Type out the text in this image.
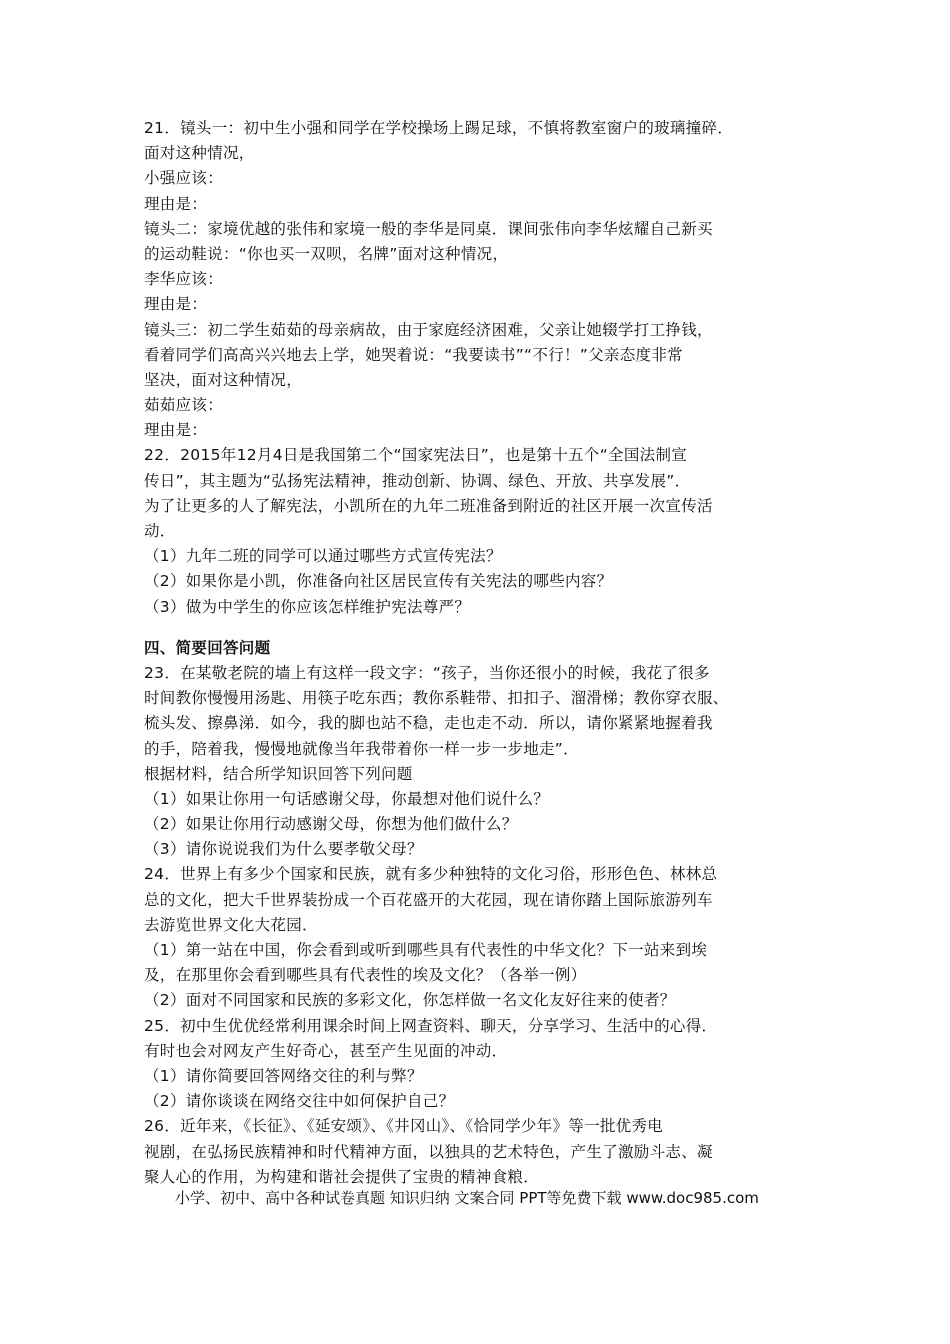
21．镜头一：初中生小强和同学在学校操场上踢足球，不慎将教室窗户的玻璃撞碎．
面对这种情况，
小强应该：
理由是：
镜头二：家境优越的张伟和家境一般的李华是同桌．课间张伟向李华炫耀自己新买
的运动鞋说：“你也买一双呗，名牌”面对这种情况，
李华应该：
理由是：
镜头三：初二学生茹茹的母亲病故，由于家庭经济困难，父亲让她辍学打工挣钱，
看着同学们高高兴兴地去上学，她哭着说：“我要读书”“不行！”父亲态度非常
坚决，面对这种情况，
茹茹应该：
理由是：
22．2015年12月4日是我国第二个“国家宪法日”，也是第十五个“全国法制宣
传日”，其主题为“弘扬宪法精神，推动创新、协调、绿色、开放、共享发展”．
为了让更多的人了解宪法，小凯所在的九年二班准备到附近的社区开展一次宣传活
动．
（1）九年二班的同学可以通过哪些方式宣传宪法？
（2）如果你是小凯，你准备向社区居民宣传有关宪法的哪些内容？
（3）做为中学生的你应该怎样维护宪法尊严？
四、简要回答问题
23．在某敬老院的墙上有这样一段文字：“孩子，当你还很小的时候，我花了很多
时间教你慢慢用汤匙、用筷子吃东西；教你系鞋带、扣扣子、溜滑梯；教你穿衣服、
梳头发、擦鼻涕．如今，我的脚也站不稳，走也走不动．所以，请你紧紧地握着我
的手，陪着我，慢慢地就像当年我带着你一样一步一步地走”．
根据材料，结合所学知识回答下列问题
（1）如果让你用一句话感谢父母，你最想对他们说什么？
（2）如果让你用行动感谢父母，你想为他们做什么？
（3）请你说说我们为什么要孝敬父母？
24．世界上有多少个国家和民族，就有多少种独特的文化习俗，形形色色、林林总
总的文化，把大千世界装扮成一个百花盛开的大花园，现在请你踏上国际旅游列车
去游览世界文化大花园．
（1）第一站在中国，你会看到或听到哪些具有代表性的中华文化？下一站来到埃
及，在那里你会看到哪些具有代表性的埃及文化？（各举一例）
（2）面对不同国家和民族的多彩文化，你怎样做一名文化友好往来的使者？
25．初中生优优经常利用课余时间上网查资料、聊天，分享学习、生活中的心得．
有时也会对网友产生好奇心，甚至产生见面的冲动．
（1）请你简要回答网络交往的利与弊？
（2）请你谈谈在网络交往中如何保护自己？
26．近年来，《长征》、《延安颂》、《井冈山》、《恰同学少年》等一批优秀电
视剧，在弘扬民族精神和时代精神方面，以独具的艺术特色，产生了激励斗志、凝
聚人心的作用，为构建和谐社会提供了宝贵的精神食粮．
小学、初中、高中各种试卷真题 知识归纳 文案合同 PPT等免费下载 www.doc985.com
